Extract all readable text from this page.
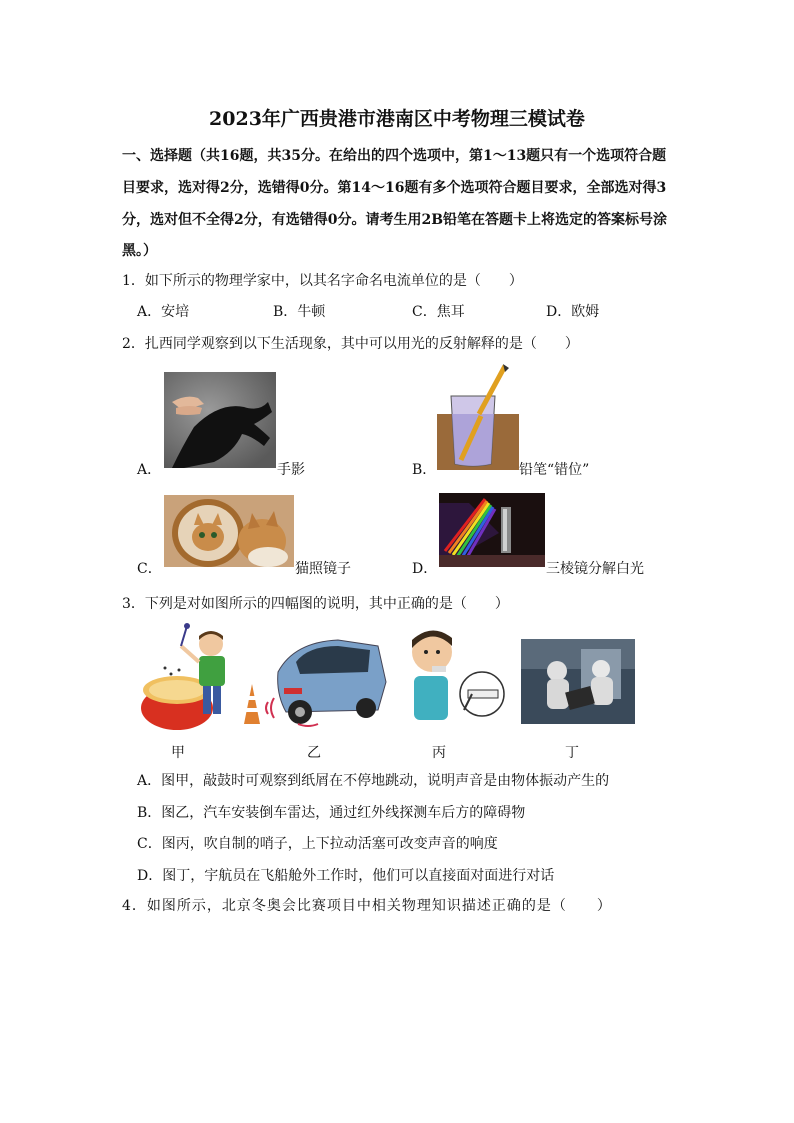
2023年广西贵港市港南区中考物理三模试卷
一、选择题（共16题，共35分。在给出的四个选项中，第1～13题只有一个选项符合题
目要求，选对得2分，选错得0分。第14～16题有多个选项符合题目要求，全部选对得3
分，选对但不全得2分，有选错得0分。请考生用2B铅笔在答题卡上将选定的答案标号涂
黑。）
1．如下所示的物理学家中，以其名字命名电流单位的是（　　）
A．安培	B．牛顿	C．焦耳	D．欧姆
2．扎西同学观察到以下生活现象，其中可以用光的反射解释的是（　　）
A．	手影	B．	铅笔“错位”
C．	猫照镜子	D．	三棱镜分解白光
3．下列是对如图所示的四幅图的说明，其中正确的是（　　）
甲	乙	丙	丁
A．图甲，敲鼓时可观察到纸屑在不停地跳动，说明声音是由物体振动产生的
B．图乙，汽车安装倒车雷达，通过红外线探测车后方的障碍物
C．图丙，吹自制的哨子，上下拉动活塞可改变声音的响度
D．图丁，宇航员在飞船舱外工作时，他们可以直接面对面进行对话
4．如图所示，北京冬奥会比赛项目中相关物理知识描述正确的是（　　）
